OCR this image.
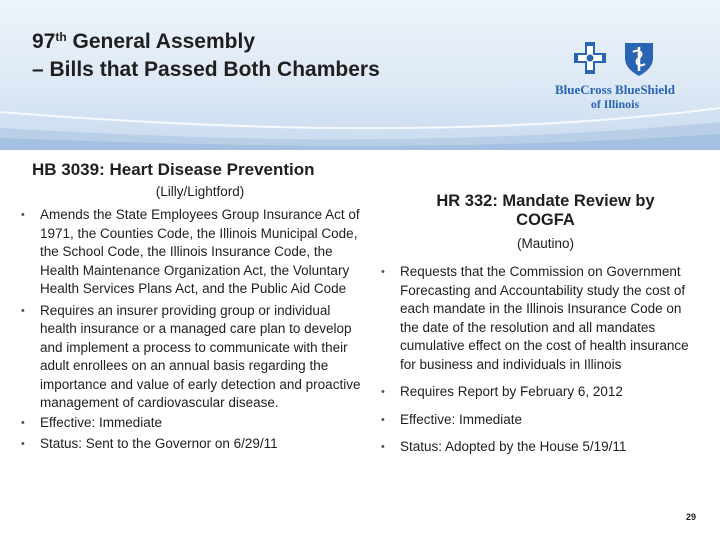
97th General Assembly
– Bills that Passed Both Chambers
BlueCross BlueShield
of Illinois
HB 3039: Heart Disease Prevention
(Lilly/Lightford)
• Amends the State Employees Group Insurance Act of 1971, the Counties Code, the Illinois Municipal Code, the School Code, the Illinois Insurance Code, the Health Maintenance Organization Act, the Voluntary Health Services Plans Act, and the Public Aid Code
• Requires an insurer providing group or individual health insurance or a managed care plan to develop and implement a process to communicate with their adult enrollees on an annual basis regarding the importance and value of early detection and proactive management of cardiovascular disease.
• Effective: Immediate
• Status: Sent to the Governor on 6/29/11
HR 332: Mandate Review by COGFA
(Mautino)
• Requests that the Commission on Government Forecasting and Accountability study the cost of each mandate in the Illinois Insurance Code on the date of the resolution and all mandates cumulative effect on the cost of health insurance for business and individuals in Illinois
• Requires Report by February 6, 2012
• Effective: Immediate
• Status: Adopted by the House 5/19/11
29
